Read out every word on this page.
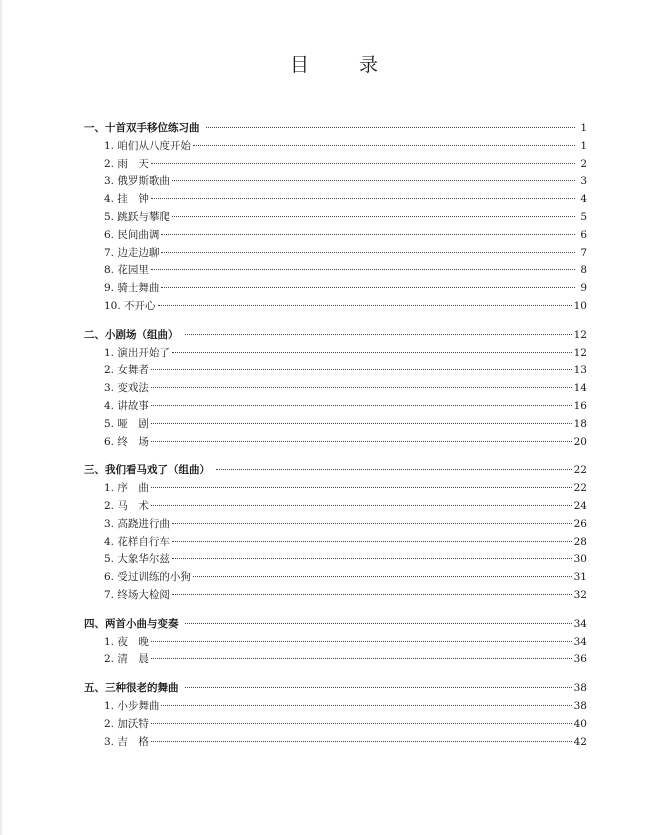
目 录
一、十首双手移位练习曲	1
1. 咱们从八度开始	1
2. 雨　天	2
3. 俄罗斯歌曲	3
4. 挂　钟	4
5. 跳跃与攀爬	5
6. 民间曲调	6
7. 边走边聊	7
8. 花园里	8
9. 骑士舞曲	9
10. 不开心	10
二、小剧场（组曲）	12
1. 演出开始了	12
2. 女舞者	13
3. 变戏法	14
4. 讲故事	16
5. 哑　剧	18
6. 终　场	20
三、我们看马戏了（组曲）	22
1. 序　曲	22
2. 马　术	24
3. 高跷进行曲	26
4. 花样自行车	28
5. 大象华尔兹	30
6. 受过训练的小狗	31
7. 终场大检阅	32
四、两首小曲与变奏	34
1. 夜　晚	34
2. 清　晨	36
五、三种很老的舞曲	38
1. 小步舞曲	38
2. 加沃特	40
3. 吉　格	42
